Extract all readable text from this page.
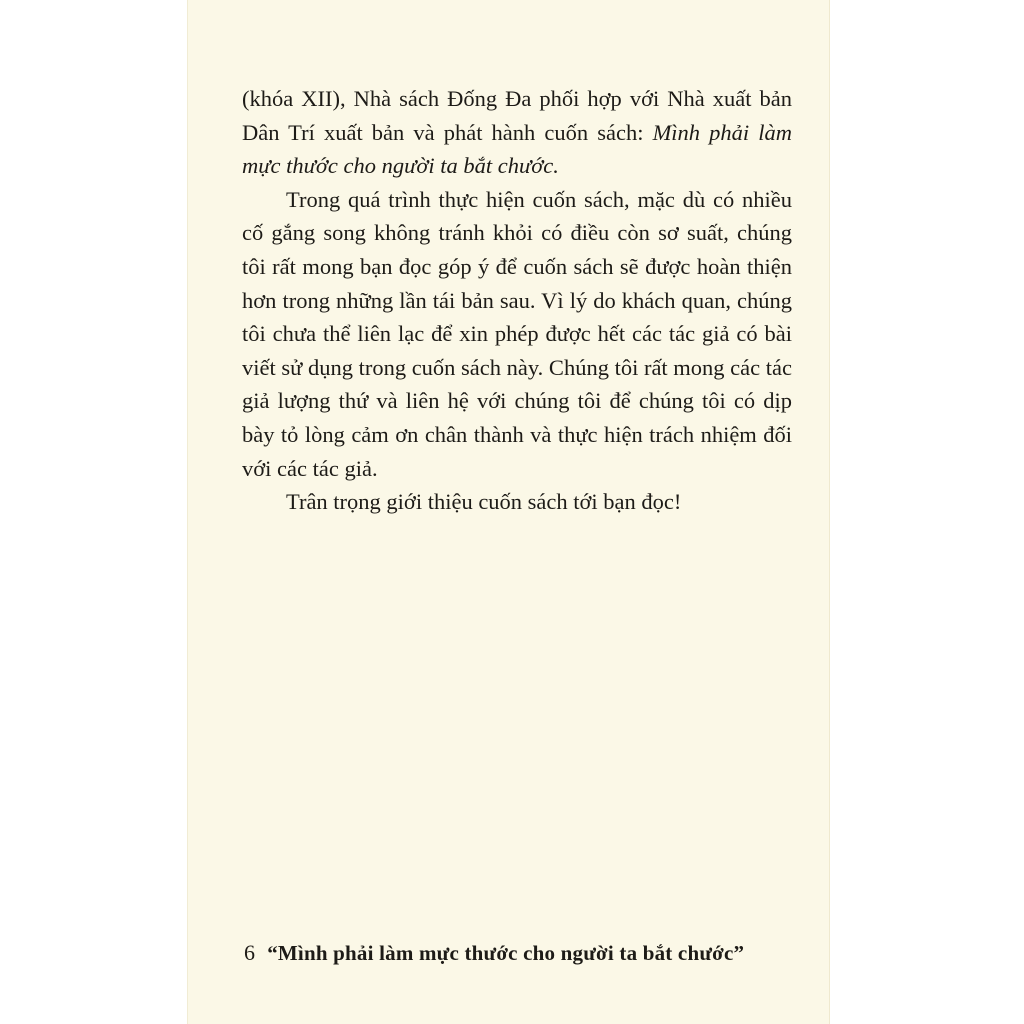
(khóa XII), Nhà sách Đống Đa phối hợp với Nhà xuất bản Dân Trí xuất bản và phát hành cuốn sách: Mình phải làm mực thước cho người ta bắt chước.

Trong quá trình thực hiện cuốn sách, mặc dù có nhiều cố gắng song không tránh khỏi có điều còn sơ suất, chúng tôi rất mong bạn đọc góp ý để cuốn sách sẽ được hoàn thiện hơn trong những lần tái bản sau. Vì lý do khách quan, chúng tôi chưa thể liên lạc để xin phép được hết các tác giả có bài viết sử dụng trong cuốn sách này. Chúng tôi rất mong các tác giả lượng thứ và liên hệ với chúng tôi để chúng tôi có dịp bày tỏ lòng cảm ơn chân thành và thực hiện trách nhiệm đối với các tác giả.

Trân trọng giới thiệu cuốn sách tới bạn đọc!

6 “Mình phải làm mực thước cho người ta bắt chước”
